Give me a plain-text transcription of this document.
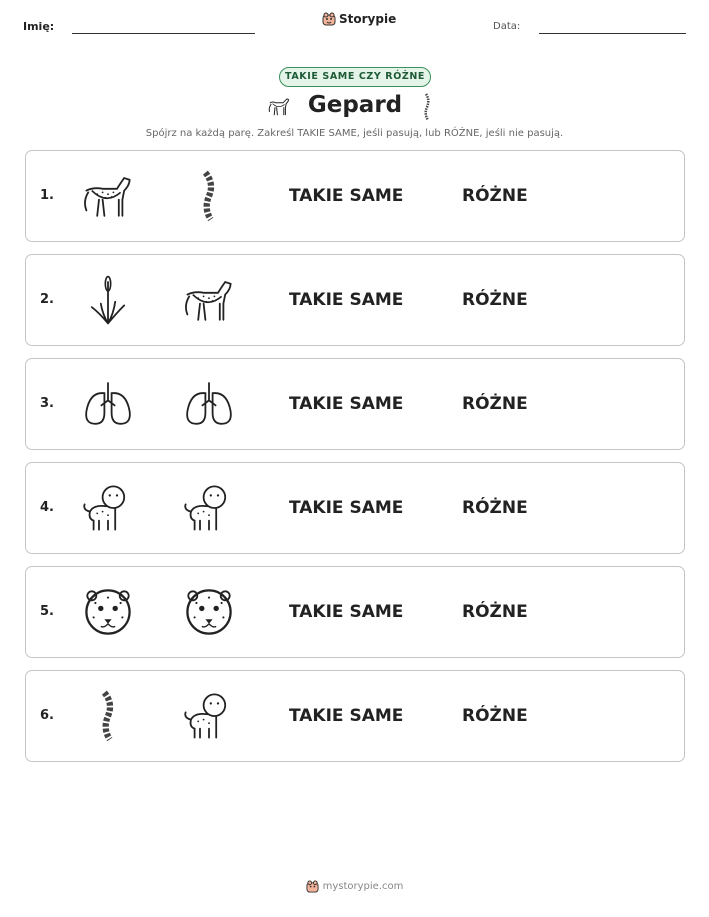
Imię:
Storypie
Data:
TAKIE SAME CZY RÓŻNE
Gepard
Spójrz na każdą parę. Zakreśl TAKIE SAME, jeśli pasują, lub RÓŻNE, jeśli nie pasują.
1.	TAKIE SAME	RÓŻNE
2.	TAKIE SAME	RÓŻNE
3.	TAKIE SAME	RÓŻNE
4.	TAKIE SAME	RÓŻNE
5.	TAKIE SAME	RÓŻNE
6.	TAKIE SAME	RÓŻNE
mystorypie.com
